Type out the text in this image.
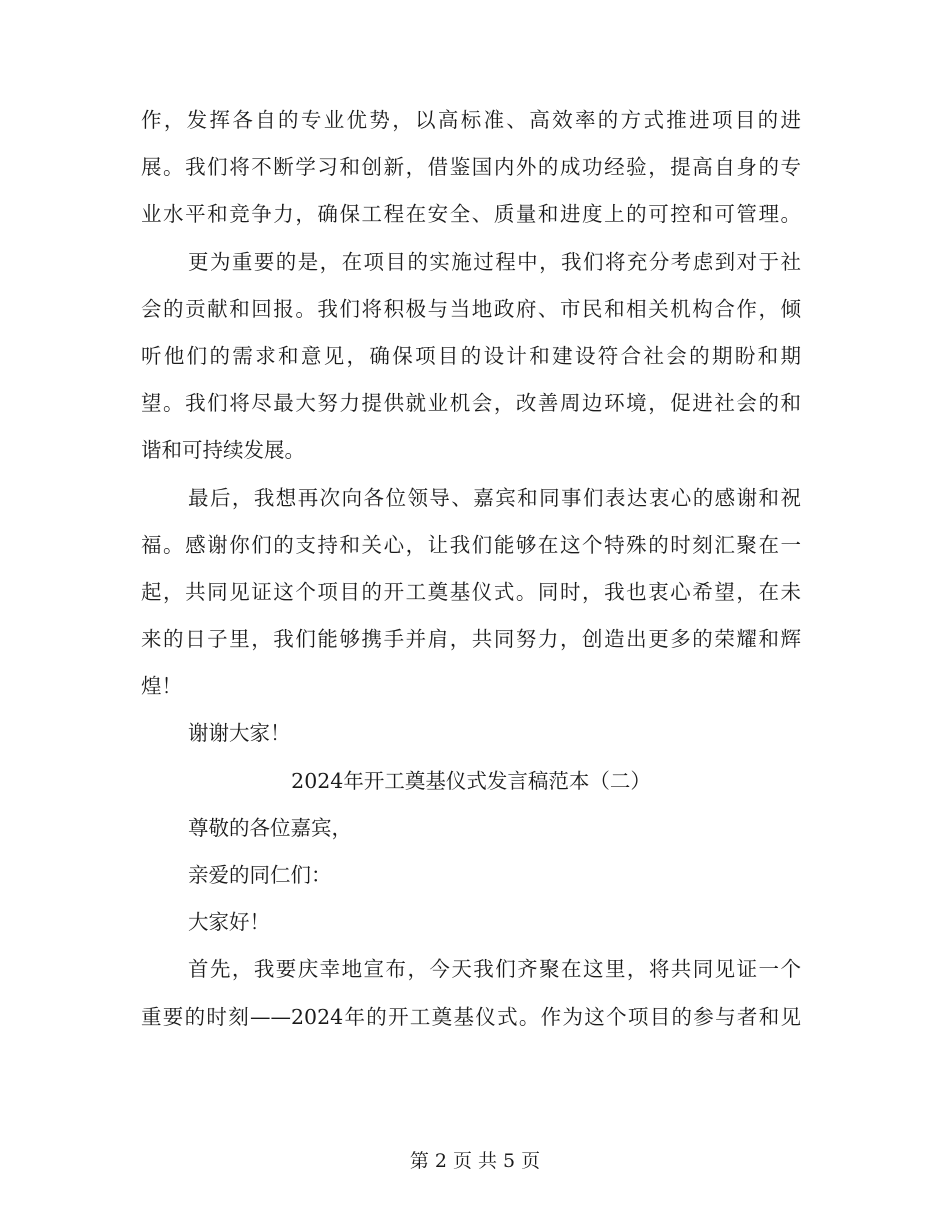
作，发挥各自的专业优势，以高标准、高效率的方式推进项目的进
展。我们将不断学习和创新，借鉴国内外的成功经验，提高自身的专
业水平和竞争力，确保工程在安全、质量和进度上的可控和可管理。
更为重要的是，在项目的实施过程中，我们将充分考虑到对于社
会的贡献和回报。我们将积极与当地政府、市民和相关机构合作，倾
听他们的需求和意见，确保项目的设计和建设符合社会的期盼和期
望。我们将尽最大努力提供就业机会，改善周边环境，促进社会的和
谐和可持续发展。
最后，我想再次向各位领导、嘉宾和同事们表达衷心的感谢和祝
福。感谢你们的支持和关心，让我们能够在这个特殊的时刻汇聚在一
起，共同见证这个项目的开工奠基仪式。同时，我也衷心希望，在未
来的日子里，我们能够携手并肩，共同努力，创造出更多的荣耀和辉
煌！
谢谢大家！
2024年开工奠基仪式发言稿范本（二）
尊敬的各位嘉宾，
亲爱的同仁们：
大家好！
首先，我要庆幸地宣布，今天我们齐聚在这里，将共同见证一个
重要的时刻——2024年的开工奠基仪式。作为这个项目的参与者和见
第 2 页 共 5 页
